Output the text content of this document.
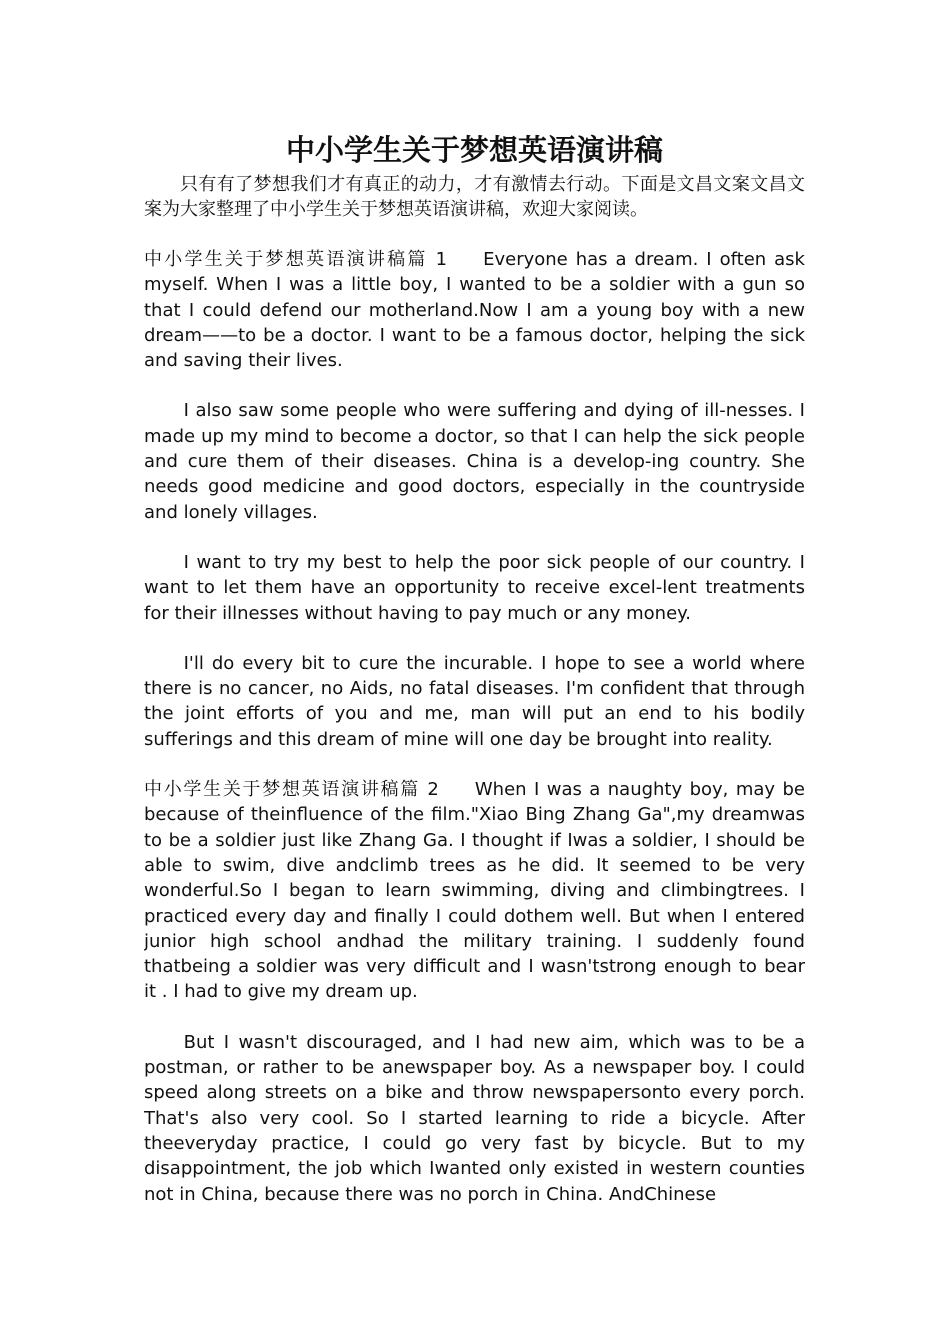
中小学生关于梦想英语演讲稿

只有有了梦想我们才有真正的动力，才有激情去行动。下面是文昌文案文昌文案为大家整理了中小学生关于梦想英语演讲稿，欢迎大家阅读。

中小学生关于梦想英语演讲稿篇 1 Everyone has a dream. I often ask myself. When I was a little boy, I wanted to be a soldier with a gun so that I could defend our motherland.Now I am a young boy with a new dream——to be a doctor. I want to be a famous doctor, helping the sick and saving their lives.

I also saw some people who were suffering and dying of ill-nesses. I made up my mind to become a doctor, so that I can help the sick people and cure them of their diseases. China is a develop-ing country. She needs good medicine and good doctors, especially in the countryside and lonely villages.

I want to try my best to help the poor sick people of our country. I want to let them have an opportunity to receive excel-lent treatments for their illnesses without having to pay much or any money.

I'll do every bit to cure the incurable. I hope to see a world where there is no cancer, no Aids, no fatal diseases. I'm confident that through the joint efforts of you and me, man will put an end to his bodily sufferings and this dream of mine will one day be brought into reality.

中小学生关于梦想英语演讲稿篇 2 When I was a naughty boy, may be because of theinfluence of the film."Xiao Bing Zhang Ga",my dreamwas to be a soldier just like Zhang Ga. I thought if Iwas a soldier, I should be able to swim, dive andclimb trees as he did. It seemed to be very wonderful.So I began to learn swimming, diving and climbingtrees. I practiced every day and finally I could dothem well. But when I entered junior high school andhad the military training. I suddenly found thatbeing a soldier was very difficult and I wasn'tstrong enough to bear it . I had to give my dream up.

But I wasn't discouraged, and I had new aim, which was to be a postman, or rather to be anewspaper boy. As a newspaper boy. I could speed along streets on a bike and throw newspapersonto every porch. That's also very cool. So I started learning to ride a bicycle. After theeveryday practice, I could go very fast by bicycle. But to my disappointment, the job which Iwanted only existed in western counties not in China, because there was no porch in China. AndChinese
